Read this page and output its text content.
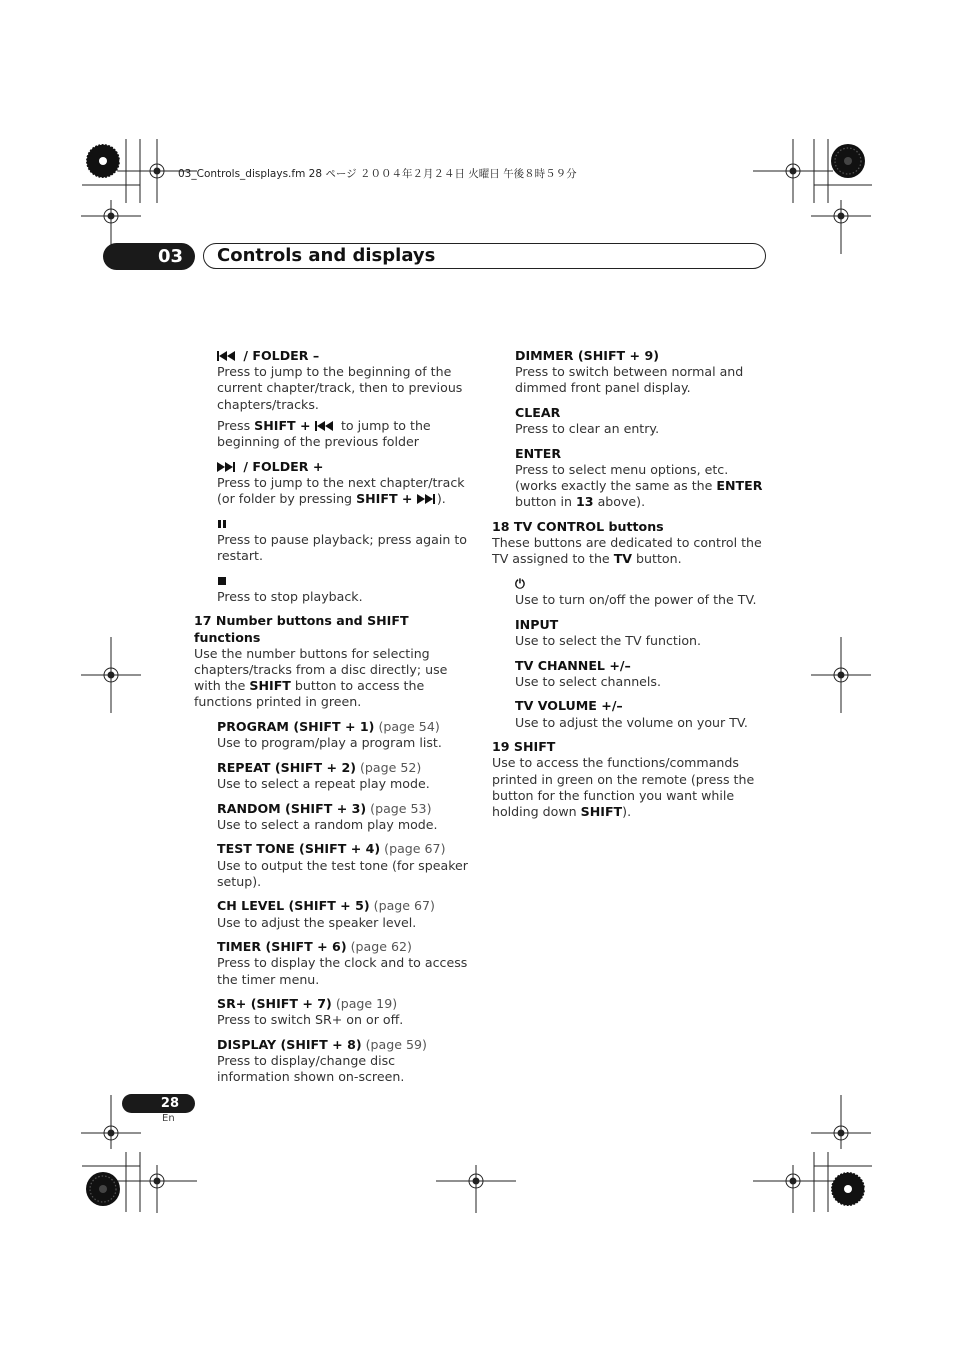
03_Controls_displays.fm 28 ページ ２００４年２月２４日 火曜日 午後８時５９分
03	Controls and displays

/ FOLDER –

Press to jump to the beginning of the current chapter/track, then to previous chapters/tracks.

Press SHIFT +  to jump to the beginning of the previous folder

/ FOLDER +

Press to jump to the next chapter/track (or folder by pressing SHIFT + ).

Press to pause playback; press again to restart.

Press to stop playback.

17 Number buttons and SHIFT functions

Use the number buttons for selecting chapters/tracks from a disc directly; use with the SHIFT button to access the functions printed in green.

PROGRAM (SHIFT + 1) (page 54)

Use to program/play a program list.

REPEAT (SHIFT + 2) (page 52)

Use to select a repeat play mode.

RANDOM (SHIFT + 3) (page 53)

Use to select a random play mode.

TEST TONE (SHIFT + 4) (page 67)

Use to output the test tone (for speaker setup).

CH LEVEL (SHIFT + 5) (page 67)

Use to adjust the speaker level.

TIMER (SHIFT + 6) (page 62)

Press to display the clock and to access the timer menu.

SR+ (SHIFT + 7) (page 19)

Press to switch SR+ on or off.

DISPLAY (SHIFT + 8) (page 59)

Press to display/change disc information shown on-screen.

DIMMER (SHIFT + 9)

Press to switch between normal and dimmed front panel display.

CLEAR

Press to clear an entry.

ENTER

Press to select menu options, etc. (works exactly the same as the ENTER button in 13 above).

18 TV CONTROL buttons

These buttons are dedicated to control the TV assigned to the TV button.

⏻

Use to turn on/off the power of the TV.

INPUT

Use to select the TV function.

TV CHANNEL +/–

Use to select channels.

TV VOLUME +/–

Use to adjust the volume on your TV.

19 SHIFT

Use to access the functions/commands printed in green on the remote (press the button for the function you want while holding down SHIFT).

28
En
